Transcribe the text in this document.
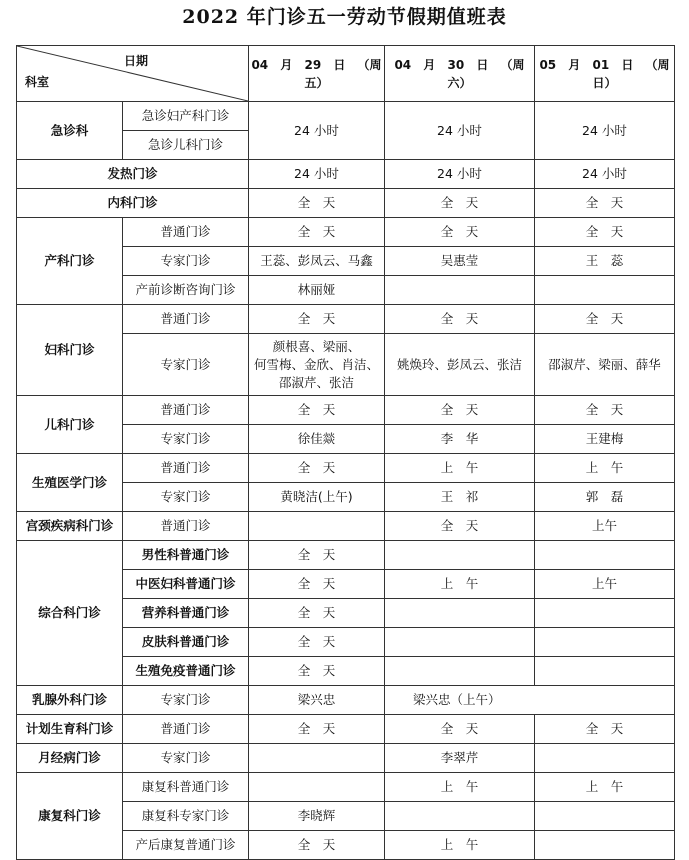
2022 年门诊五一劳动节假期值班表
日期
科室		04 月 29 日 （周五）	04 月 30 日 （周六）	05 月 01 日 （周日）
急诊科	急诊妇产科门诊	24 小时	24 小时	24 小时
	急诊儿科门诊			
发热门诊		24 小时	24 小时	24 小时
内科门诊		全　天	全　天	全　天
产科门诊	普通门诊	全　天	全　天	全　天
	专家门诊	王蕊、彭凤云、马鑫	吴惠莹	王　蕊
	产前诊断咨询门诊	林丽娅		
妇科门诊	普通门诊	全　天	全　天	全　天
	专家门诊	颜根喜、梁丽、
何雪梅、金欣、肖洁、
邵淑芹、张洁	姚焕玲、彭凤云、张洁	邵淑芹、梁丽、薛华
儿科门诊	普通门诊	全　天	全　天	全　天
	专家门诊	徐佳燚	李　华	王建梅
生殖医学门诊	普通门诊	全　天	上　午	上　午
	专家门诊	黄晓洁(上午)	王　祁	郭　磊
宫颈疾病科门诊	普通门诊		全　天	上午
综合科门诊	男性科普通门诊	全　天		
	中医妇科普通门诊	全　天	上　午	上午
	营养科普通门诊	全　天		
	皮肤科普通门诊	全　天		
	生殖免疫普通门诊	全　天		
乳腺外科门诊	专家门诊	梁兴忠	梁兴忠（上午）	
计划生育科门诊	普通门诊	全　天	全　天	全　天
月经病门诊	专家门诊		李翠芹	
康复科门诊	康复科普通门诊		上　午	上　午
	康复科专家门诊	李晓辉		
	产后康复普通门诊	全　天	上　午	
